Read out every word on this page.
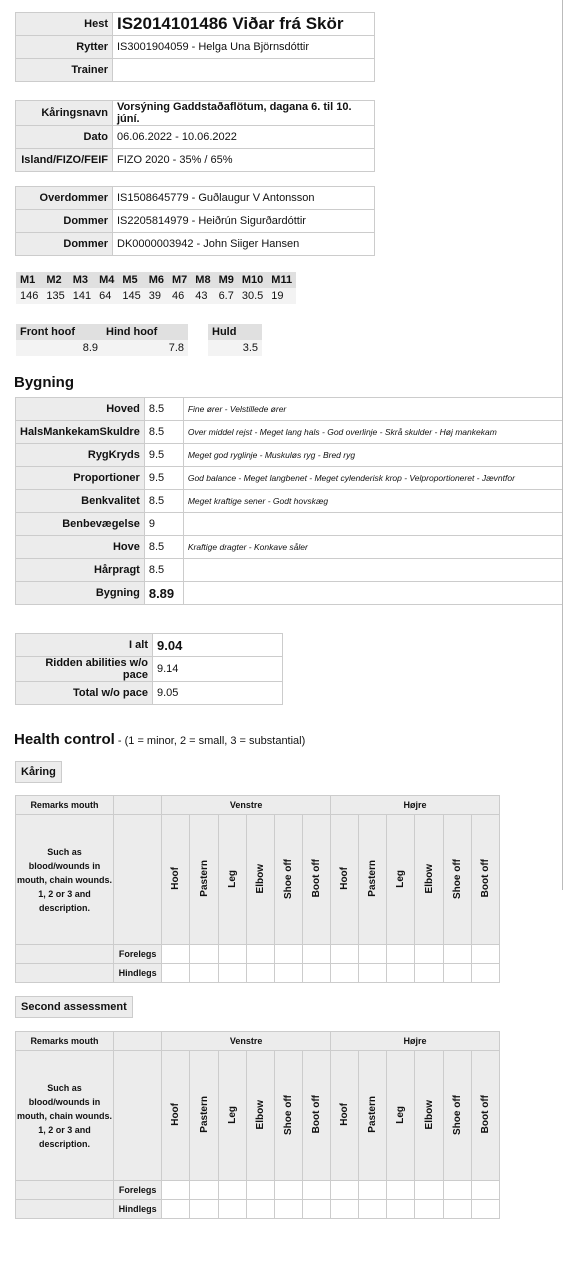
Hest	IS2014101486 Viðar frá Skör
Rytter	IS3001904059 - Helga Una Björnsdóttir
Trainer	
Kåringsnavn	Vorsýning Gaddstaðaflötum, dagana 6. til 10. júní.
Dato	06.06.2022 - 10.06.2022
Island/FIZO/FEIF	FIZO 2020 - 35% / 65%
Overdommer	IS1508645779 - Guðlaugur V Antonsson
Dommer	IS2205814979 - Heiðrún Sigurðardóttir
Dommer	DK0000003942 - John Siiger Hansen
M1	M2	M3	M4	M5	M6	M7	M8	M9	M10	M11
146	135	141	64	145	39	46	43	6.7	30.5	19
Front hoof	Hind hoof		Huld
8.9	7.8		3.5
Bygning
Hoved	8.5	Fine ører - Velstillede ører
HalsMankekamSkuldre	8.5	Over middel rejst - Meget lang hals - God overlinje - Skrå skulder - Høj mankekam
RygKryds	9.5	Meget god ryglinje - Muskuløs ryg - Bred ryg
Proportioner	9.5	God balance - Meget langbenet - Meget cylenderisk krop - Velproportioneret - Jævntfor
Benkvalitet	8.5	Meget kraftige sener - Godt hovskæg
Benbevægelse	9	
Hove	8.5	Kraftige dragter - Konkave såler
Hårpragt	8.5	
Bygning	8.89	
I alt	9.04
Ridden abilities w/o pace	9.14
Total w/o pace	9.05
Health control - (1 = minor, 2 = small, 3 = substantial)
Kåring
Remarks mouth		Venstre						Højre					
Such as blood/wounds in mouth, chain wounds. 1, 2 or 3 and description.		Hoof	Pastern	Leg	Elbow	Shoe off	Boot off	Hoof	Pastern	Leg	Elbow	Shoe off	Boot off
	Forelegs												
	Hindlegs												
Second assessment
Remarks mouth		Venstre						Højre					
Such as blood/wounds in mouth, chain wounds. 1, 2 or 3 and description.		Hoof	Pastern	Leg	Elbow	Shoe off	Boot off	Hoof	Pastern	Leg	Elbow	Shoe off	Boot off
	Forelegs												
	Hindlegs												
